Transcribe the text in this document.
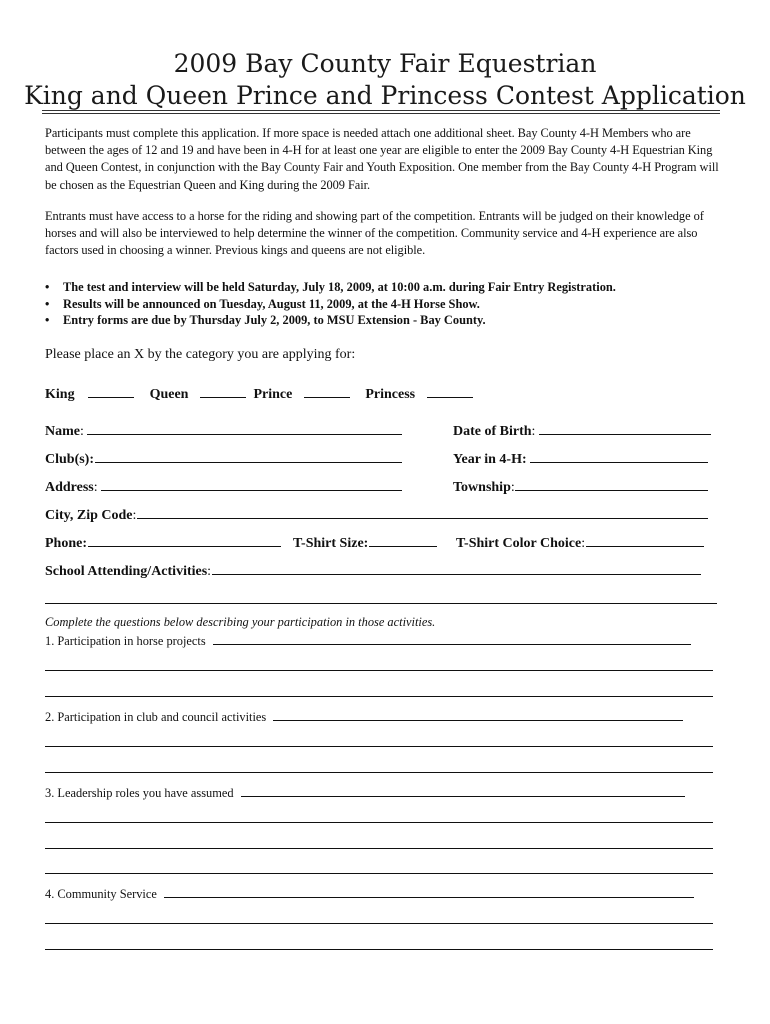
2009 Bay County Fair Equestrian
King and Queen Prince and Princess Contest Application
Participants must complete this application. If more space is needed attach one additional sheet. Bay County 4-H Members who are between the ages of 12 and 19 and have been in 4-H for at least one year are eligible to enter the 2009 Bay County 4-H Equestrian King and Queen Contest, in conjunction with the Bay County Fair and Youth Exposition. One member from the Bay County 4-H Program will be chosen as the Equestrian Queen and King during the 2009 Fair.
Entrants must have access to a horse for the riding and showing part of the competition. Entrants will be judged on their knowledge of horses and will also be interviewed to help determine the winner of the competition. Community service and 4-H experience are also factors used in choosing a winner. Previous kings and queens are not eligible.
• The test and interview will be held Saturday, July 18, 2009, at 10:00 a.m. during Fair Entry Registration.
• Results will be announced on Tuesday, August 11, 2009, at the 4-H Horse Show.
• Entry forms are due by Thursday July 2, 2009, to MSU Extension - Bay County.
Please place an X by the category you are applying for:
King	Queen	Prince	Princess
Name:	Date of Birth:
Club(s):	Year in 4-H:
Address:	Township:
City, Zip Code:
Phone:	T-Shirt Size:	T-Shirt Color Choice:
School Attending/Activities:
Complete the questions below describing your participation in those activities.
1. Participation in horse projects
2. Participation in club and council activities
3. Leadership roles you have assumed
4. Community Service
